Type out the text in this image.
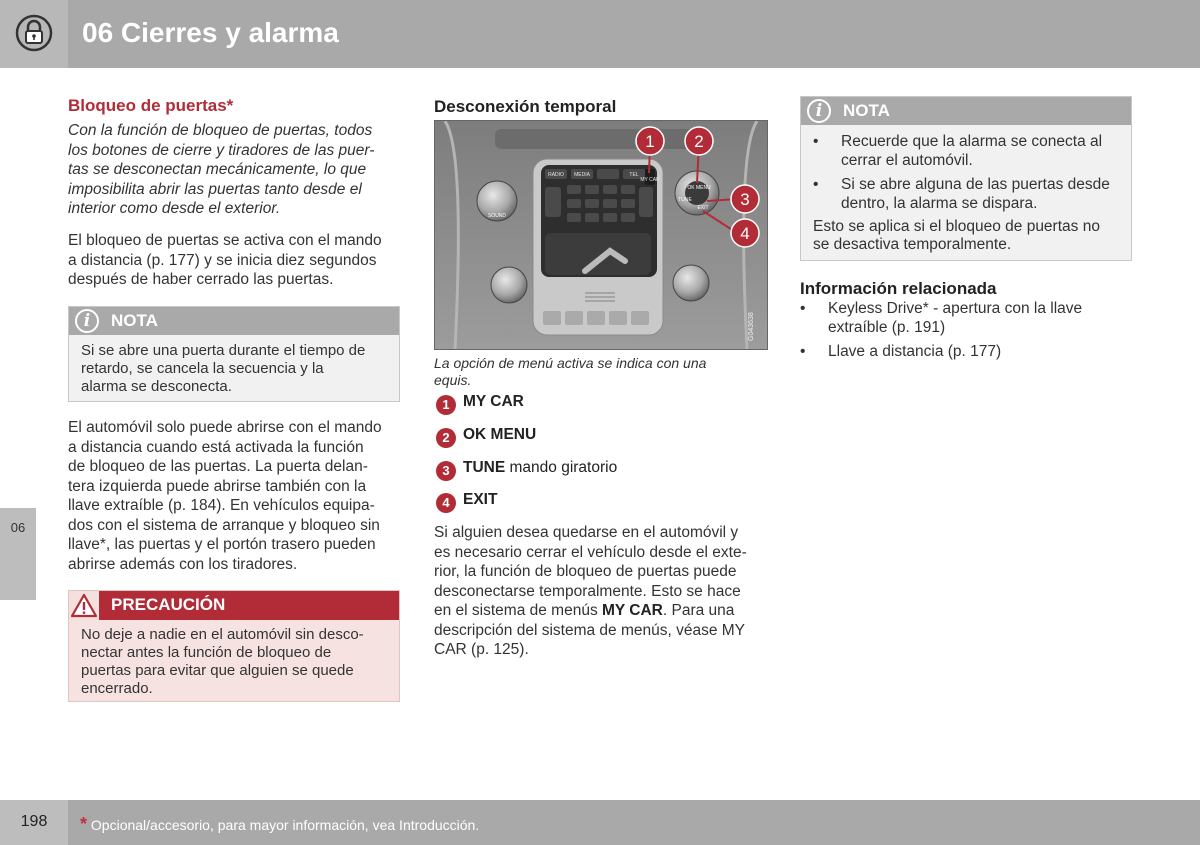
06 Cierres y alarma
06
Bloqueo de puertas*
Con la función de bloqueo de puertas, todos
los botones de cierre y tiradores de las puer-
tas se desconectan mecánicamente, lo que
imposibilita abrir las puertas tanto desde el
interior como desde el exterior.
El bloqueo de puertas se activa con el mando
a distancia (p. 177) y se inicia diez segundos
después de haber cerrado las puertas.
i	NOTA
Si se abre una puerta durante el tiempo de
retardo, se cancela la secuencia y la
alarma se desconecta.
El automóvil solo puede abrirse con el mando
a distancia cuando está activada la función
de bloqueo de las puertas. La puerta delan-
tera izquierda puede abrirse también con la
llave extraíble (p. 184). En vehículos equipa-
dos con el sistema de arranque y bloqueo sin
llave*, las puertas y el portón trasero pueden
abrirse además con los tiradores.
PRECAUCIÓN
No deje a nadie en el automóvil sin desco-
nectar antes la función de bloqueo de
puertas para evitar que alguien se quede
encerrado.
Desconexión temporal
1 2
3
4
RADIO MEDIA	TEL
MY CAR
OK MENU
TUNE
EXIT
SOUND
G043638
La opción de menú activa se indica con una
equis.
1 MY CAR
2 OK MENU
3 TUNE mando giratorio
4 EXIT
Si alguien desea quedarse en el automóvil y
es necesario cerrar el vehículo desde el exte-
rior, la función de bloqueo de puertas puede
desconectarse temporalmente. Esto se hace
en el sistema de menús MY CAR. Para una
descripción del sistema de menús, véase MY
CAR (p. 125).
i	NOTA
• Recuerde que la alarma se conecta al
cerrar el automóvil.
• Si se abre alguna de las puertas desde
dentro, la alarma se dispara.
Esto se aplica si el bloqueo de puertas no
se desactiva temporalmente.
Información relacionada
• Keyless Drive* - apertura con la llave
extraíble (p. 191)
• Llave a distancia (p. 177)
198	* Opcional/accesorio, para mayor información, vea Introducción.
